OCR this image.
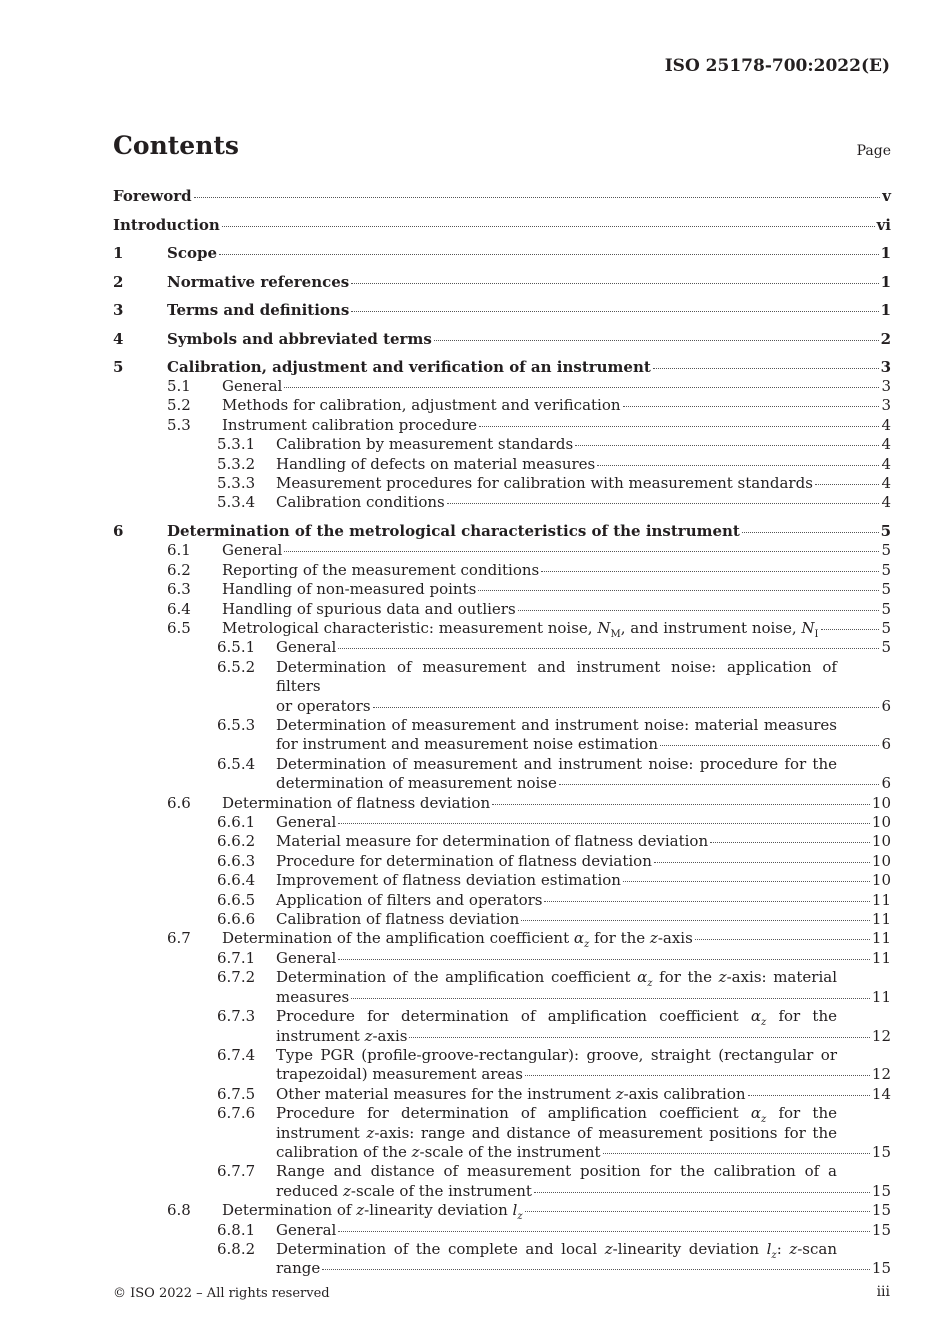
ISO 25178-700:2022(E)
Contents	Page
Foreword	v
Introduction	vi
1	Scope	1
2	Normative references	1
3	Terms and definitions	1
4	Symbols and abbreviated terms	2
5	Calibration, adjustment and verification of an instrument	3
5.1 General	3
5.2 Methods for calibration, adjustment and verification	3
5.3 Instrument calibration procedure	4
5.3.1 Calibration by measurement standards	4
5.3.2 Handling of defects on material measures	4
5.3.3 Measurement procedures for calibration with measurement standards	4
5.3.4 Calibration conditions	4
6	Determination of the metrological characteristics of the instrument	5
6.1 General	5
6.2 Reporting of the measurement conditions	5
6.3 Handling of non-measured points	5
6.4 Handling of spurious data and outliers	5
6.5 Metrological characteristic: measurement noise, $N_M$, and instrument noise, $N_I$	5
6.5.1 General	5
6.5.2 Determination of measurement and instrument noise: application of filters
or operators	6
6.5.3 Determination of measurement and instrument noise: material measures
for instrument and measurement noise estimation	6
6.5.4 Determination of measurement and instrument noise: procedure for the
determination of measurement noise	6
6.6 Determination of flatness deviation	10
6.6.1 General	10
6.6.2 Material measure for determination of flatness deviation	10
6.6.3 Procedure for determination of flatness deviation	10
6.6.4 Improvement of flatness deviation estimation	10
6.6.5 Application of filters and operators	11
6.6.6 Calibration of flatness deviation	11
6.7 Determination of the amplification coefficient $\alpha_z$ for the z-axis	11
6.7.1 General	11
6.7.2 Determination of the amplification coefficient $\alpha_z$ for the z-axis: material
measures	11
6.7.3 Procedure for determination of amplification coefficient $\alpha_z$ for the
instrument z-axis	12
6.7.4 Type PGR (profile-groove-rectangular): groove, straight (rectangular or
trapezoidal) measurement areas	12
6.7.5 Other material measures for the instrument z-axis calibration	14
6.7.6 Procedure for determination of amplification coefficient $\alpha_z$ for the
instrument z-axis: range and distance of measurement positions for the
calibration of the z-scale of the instrument	15
6.7.7 Range and distance of measurement position for the calibration of a
reduced z-scale of the instrument	15
6.8 Determination of z-linearity deviation $l_z$	15
6.8.1 General	15
6.8.2 Determination of the complete and local z-linearity deviation $l_z$: z-scan
range	15
© ISO 2022 – All rights reserved	iii
